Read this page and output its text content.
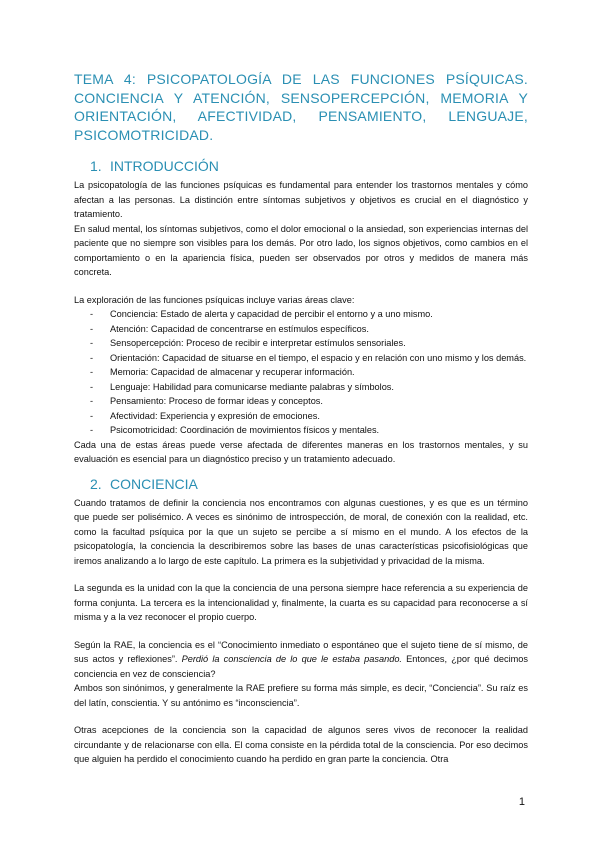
TEMA 4: PSICOPATOLOGÍA DE LAS FUNCIONES PSÍQUICAS. CONCIENCIA Y ATENCIÓN, SENSOPERCEPCIÓN, MEMORIA Y ORIENTACIÓN, AFECTIVIDAD, PENSAMIENTO, LENGUAJE, PSICOMOTRICIDAD.
1. INTRODUCCIÓN

La psicopatología de las funciones psíquicas es fundamental para entender los trastornos mentales y cómo afectan a las personas. La distinción entre síntomas subjetivos y objetivos es crucial en el diagnóstico y tratamiento.

En salud mental, los síntomas subjetivos, como el dolor emocional o la ansiedad, son experiencias internas del paciente que no siempre son visibles para los demás. Por otro lado, los signos objetivos, como cambios en el comportamiento o en la apariencia física, pueden ser observados por otros y medidos de manera más concreta.

La exploración de las funciones psíquicas incluye varias áreas clave:

- Conciencia: Estado de alerta y capacidad de percibir el entorno y a uno mismo.
- Atención: Capacidad de concentrarse en estímulos específicos.
- Sensopercepción: Proceso de recibir e interpretar estímulos sensoriales.
- Orientación: Capacidad de situarse en el tiempo, el espacio y en relación con uno mismo y los demás.
- Memoria: Capacidad de almacenar y recuperar información.
- Lenguaje: Habilidad para comunicarse mediante palabras y símbolos.
- Pensamiento: Proceso de formar ideas y conceptos.
- Afectividad: Experiencia y expresión de emociones.
- Psicomotricidad: Coordinación de movimientos físicos y mentales.

Cada una de estas áreas puede verse afectada de diferentes maneras en los trastornos mentales, y su evaluación es esencial para un diagnóstico preciso y un tratamiento adecuado.

2. CONCIENCIA

Cuando tratamos de definir la conciencia nos encontramos con algunas cuestiones, y es que es un término que puede ser polisémico. A veces es sinónimo de introspección, de moral, de conexión con la realidad, etc. como la facultad psíquica por la que un sujeto se percibe a sí mismo en el mundo. A los efectos de la psicopatología, la conciencia la describiremos sobre las bases de unas características psicofisiológicas que iremos analizando a lo largo de este capítulo. La primera es la subjetividad y privacidad de la misma.

La segunda es la unidad con la que la conciencia de una persona siempre hace referencia a su experiencia de forma conjunta. La tercera es la intencionalidad y, finalmente, la cuarta es su capacidad para reconocerse a sí misma y a la vez reconocer el propio cuerpo.

Según la RAE, la conciencia es el “Conocimiento inmediato o espontáneo que el sujeto tiene de sí mismo, de sus actos y reflexiones”. Perdió la consciencia de lo que le estaba pasando. Entonces, ¿por qué decimos conciencia en vez de consciencia?

Ambos son sinónimos, y generalmente la RAE prefiere su forma más simple, es decir, “Conciencia”. Su raíz es del latín, conscientia. Y su antónimo es “inconsciencia”.

Otras acepciones de la conciencia son la capacidad de algunos seres vivos de reconocer la realidad circundante y de relacionarse con ella. El coma consiste en la pérdida total de la consciencia. Por eso decimos que alguien ha perdido el conocimiento cuando ha perdido en gran parte la conciencia. Otra

1
